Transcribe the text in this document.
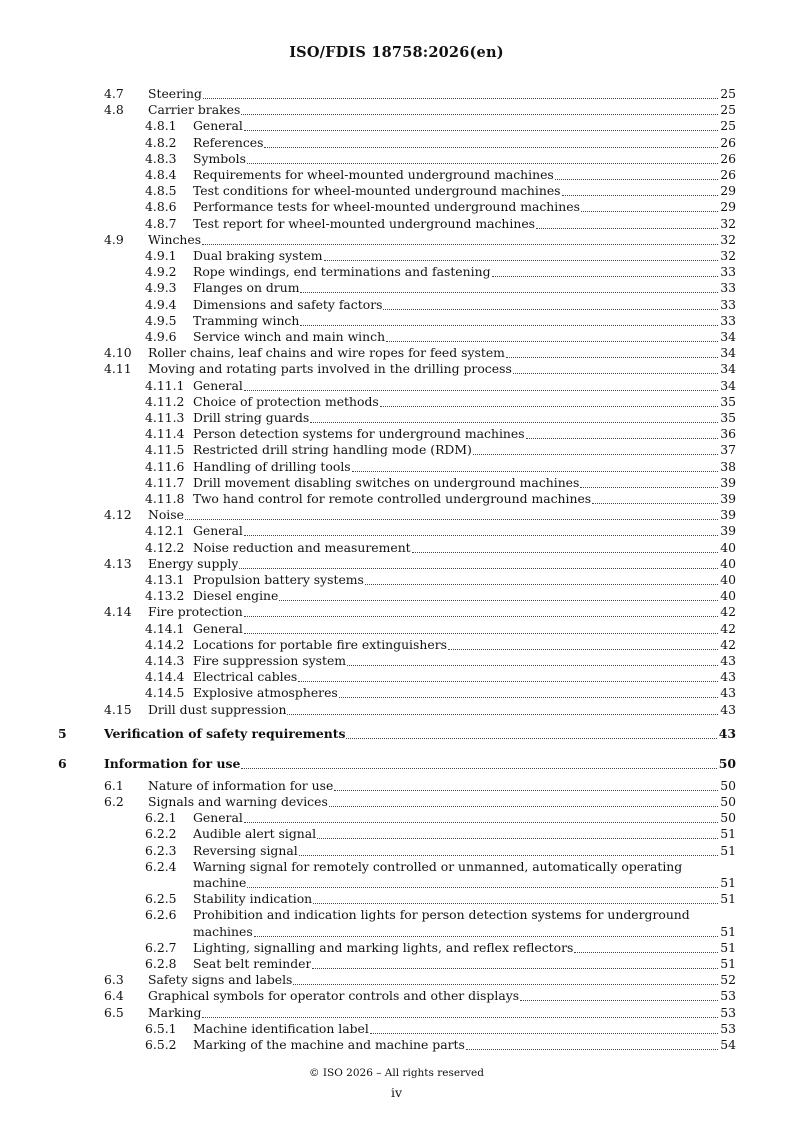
ISO/FDIS 18758:2026(en)
4.7 Steering	25
4.8 Carrier brakes	25
4.8.1 General	25
4.8.2 References	26
4.8.3 Symbols	26
4.8.4 Requirements for wheel-mounted underground machines	26
4.8.5 Test conditions for wheel-mounted underground machines	29
4.8.6 Performance tests for wheel-mounted underground machines	29
4.8.7 Test report for wheel-mounted underground machines	32
4.9 Winches	32
4.9.1 Dual braking system	32
4.9.2 Rope windings, end terminations and fastening	33
4.9.3 Flanges on drum	33
4.9.4 Dimensions and safety factors	33
4.9.5 Tramming winch	33
4.9.6 Service winch and main winch	34
4.10 Roller chains, leaf chains and wire ropes for feed system	34
4.11 Moving and rotating parts involved in the drilling process	34
4.11.1 General	34
4.11.2 Choice of protection methods	35
4.11.3 Drill string guards	35
4.11.4 Person detection systems for underground machines	36
4.11.5 Restricted drill string handling mode (RDM)	37
4.11.6 Handling of drilling tools	38
4.11.7 Drill movement disabling switches on underground machines	39
4.11.8 Two hand control for remote controlled underground machines	39
4.12 Noise	39
4.12.1 General	39
4.12.2 Noise reduction and measurement	40
4.13 Energy supply	40
4.13.1 Propulsion battery systems	40
4.13.2 Diesel engine	40
4.14 Fire protection	42
4.14.1 General	42
4.14.2 Locations for portable fire extinguishers	42
4.14.3 Fire suppression system	43
4.14.4 Electrical cables	43
4.14.5 Explosive atmospheres	43
4.15 Drill dust suppression	43
5	Verification of safety requirements	43
6	Information for use	50
6.1 Nature of information for use	50
6.2 Signals and warning devices	50
6.2.1 General	50
6.2.2 Audible alert signal	51
6.2.3 Reversing signal	51
6.2.4 Warning signal for remotely controlled or unmanned, automatically operating
machine	51
6.2.5 Stability indication	51
6.2.6 Prohibition and indication lights for person detection systems for underground
machines	51
6.2.7 Lighting, signalling and marking lights, and reflex reflectors	51
6.2.8 Seat belt reminder	51
6.3 Safety signs and labels	52
6.4 Graphical symbols for operator controls and other displays	53
6.5 Marking	53
6.5.1 Machine identification label	53
6.5.2 Marking of the machine and machine parts	54
© ISO 2026 – All rights reserved
iv
